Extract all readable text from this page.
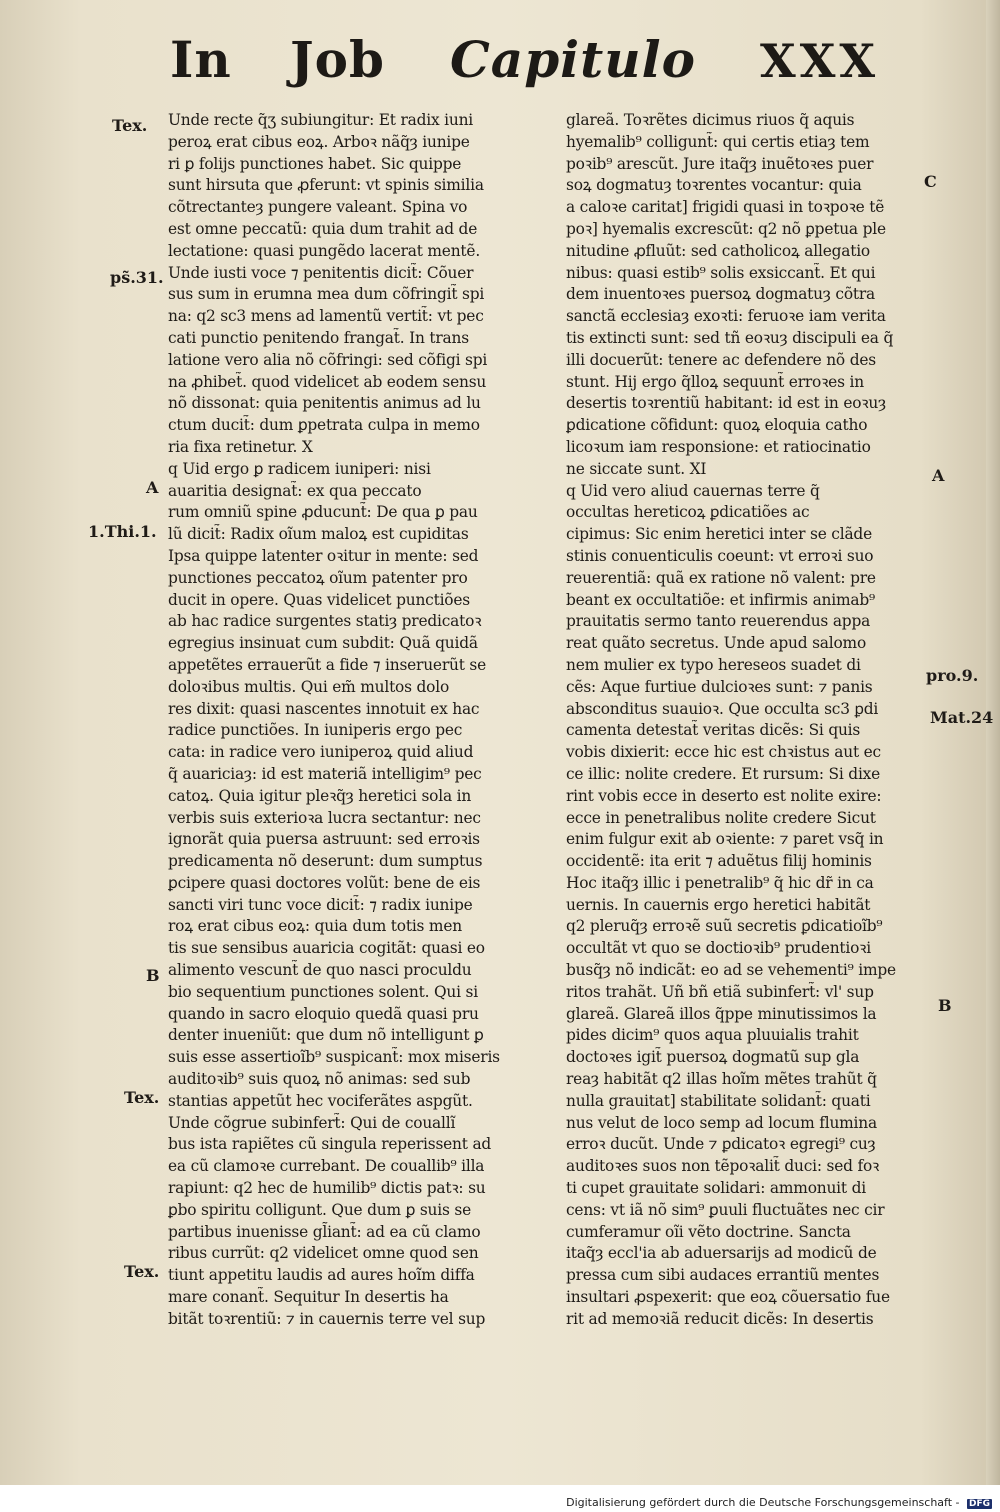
In Job Capitulo XXX
Unde recte q̃ʒ subiungitur: Et radix iuni
peroꝝ erat cibus eoꝝ. Arboꝛ nãq̃ȝ iunipe
ri ꝑ folijs punctiones habet. Sic quippe
sunt hirsuta que ꝓferunt: vt spinis similia
cõtrectanteȝ pungere valeant. Spina vo
est omne peccatũ: quia dum trahit ad de
lectatione: quasi pungẽdo lacerat mentẽ.
Unde iusti voce ⁊ penitentis dicit̃: Cõuer
sus sum in erumna mea dum cõfringit̃ spi
na: q2 sc3 mens ad lamentũ vertit̃: vt pec
cati punctio penitendo frangat̃. In trans
latione vero alia nõ cõfringi: sed cõfigi spi
na ꝓhibet̃. quod videlicet ab eodem sensu
nõ dissonat: quia penitentis animus ad lu
ctum ducit̃: dum ꝑpetrata culpa in memo
ria fixa retinetur. X
q Uid ergo ꝑ radicem iuniperi: nisi
auaritia designat̃: ex qua peccato
rum omniũ spine ꝓducunt̃: De qua ꝑ pau
lũ dicit̃: Radix oĩum maloꝝ est cupiditas
Ipsa quippe latenter oꝛitur in mente: sed
punctiones peccatoꝝ oĩum patenter pro
ducit in opere. Quas videlicet punctiões
ab hac radice surgentes statiȝ predicatoꝛ
egregius insinuat cum subdit: Quã quidã
appetẽtes errauerũt a fide ⁊ inseruerũt se
doloꝛibus multis. Qui em̃ multos dolo
res dixit: quasi nascentes innotuit ex hac
radice punctiões. In iuniperis ergo pec
cata: in radice vero iuniperoꝝ quid aliud
q̃ auariciaȝ: id est materiã intelligim⁹ pec
catoꝝ. Quia igitur pleꝛq̃ȝ heretici sola in
verbis suis exterioꝛa lucra sectantur: nec
ignorãt quia puersa astruunt: sed erroꝛis
predicamenta nõ deserunt: dum sumptus
ꝑcipere quasi doctores volũt: bene de eis
sancti viri tunc voce dicit̃: ⁊ radix iunipe
roꝝ erat cibus eoꝝ: quia dum totis men
tis sue sensibus auaricia cogitãt: quasi eo
alimento vescunt̃ de quo nasci proculdu
bio sequentium punctiones solent. Qui si
quando in sacro eloquio quedã quasi pru
denter inueniũt: que dum nõ intelligunt ꝑ
suis esse assertioĩb⁹ suspicant̃: mox miseris
auditoꝛib⁹ suis quoꝝ nõ animas: sed sub
stantias appetũt hec vociferãtes aspgũt.
Unde cõgrue subinfert̃: Qui de couallĩ
bus ista rapiẽtes cũ singula reperissent ad
ea cũ clamoꝛe currebant. De couallib⁹ illa
rapiunt: q2 hec de humilib⁹ dictis patꝛ: su
ꝑbo spiritu colligunt. Que dum ꝑ suis se
partibus inuenisse gl̃iant̃: ad ea cũ clamo
ribus currũt: q2 videlicet omne quod sen
tiunt appetitu laudis ad aures hoĩm diffa
mare conant̃. Sequitur In desertis ha
bitãt toꝛrentiũ: ⁊ in cauernis terre vel sup
glareã. Toꝛrẽtes dicimus riuos q̃ aquis
hyemalib⁹ colligunt̃: qui certis etiaȝ tem
poꝛib⁹ arescũt. Jure itaq̃ȝ inuẽtoꝛes puer
soꝝ dogmatuȝ toꝛrentes vocantur: quia
a caloꝛe caritat] frigidi quasi in toꝛpoꝛe tẽ
poꝛ] hyemalis excrescũt: q2 nõ ꝑpetua ple
nitudine ꝓfluũt: sed catholicoꝝ allegatio
nibus: quasi estib⁹ solis exsiccant̃. Et qui
dem inuentoꝛes puersoꝝ dogmatuȝ cõtra
sanctã ecclesiaȝ exoꝛti: feruoꝛe iam verita
tis extincti sunt: sed tñ eoꝛuȝ discipuli ea q̃
illi docuerũt: tenere ac defendere nõ des
stunt. Hij ergo q̃lloꝝ sequunt̃ erroꝛes in
desertis toꝛrentiũ habitant: id est in eoꝛuȝ
ꝑdicatione cõfidunt: quoꝝ eloquia catho
licoꝛum iam responsione: et ratiocinatio
ne siccate sunt. XI
q Uid vero aliud cauernas terre q̃
occultas hereticoꝝ ꝑdicatiões ac
cipimus: Sic enim heretici inter se clãde
stinis conuenticulis coeunt: vt erroꝛi suo
reuerentiã: quã ex ratione nõ valent: pre
beant ex occultatiõe: et infirmis animab⁹
prauitatis sermo tanto reuerendus appa
reat quãto secretus. Unde apud salomo
nem mulier ex typo hereseos suadet di
cẽs: Aque furtiue dulcioꝛes sunt: ⁊ panis
absconditus suauioꝛ. Que occulta sc3 ꝑdi
camenta detestat̃ veritas dicẽs: Si quis
vobis dixierit: ecce hic est chꝛistus aut ec
ce illic: nolite credere. Et rursum: Si dixe
rint vobis ecce in deserto est nolite exire:
ecce in penetralibus nolite credere Sicut
enim fulgur exit ab oꝛiente: ⁊ paret vsq̃ in
occidentẽ: ita erit ⁊ aduẽtus filij hominis
Hoc itaq̃ȝ illic i penetralib⁹ q̃ hic dr̃ in ca
uernis. In cauernis ergo heretici habitãt
q2 pleruq̃ȝ erroꝛẽ suũ secretis ꝑdicatioĩb⁹
occultãt vt quo se doctioꝛib⁹ prudentioꝛi
busq̃ȝ nõ indicãt: eo ad se vehementi⁹ impe
ritos trahãt. Uñ bñ etiã subinfert̃: vl' sup
glareã. Glareã illos q̃ppe minutissimos la
pides dicim⁹ quos aqua pluuialis trahit
doctoꝛes igit̃ puersoꝝ dogmatũ sup gla
reaȝ habitãt q2 illas hoĩm mẽtes trahũt q̃
nulla grauitat] stabilitate solidant̃: quati
nus velut de loco semp ad locum flumina
erroꝛ ducũt. Unde ⁊ ꝑdicatoꝛ egregi⁹ cuȝ
auditoꝛes suos non tẽpoꝛalit̃ duci: sed foꝛ
ti cupet grauitate solidari: ammonuit di
cens: vt iã nõ sim⁹ ꝑuuli fluctuãtes nec cir
cumferamur oĩi vẽto doctrine. Sancta
itaq̃ȝ eccl'ia ab aduersarijs ad modicũ de
pressa cum sibi audaces errantiũ mentes
insultari ꝓspexerit: que eoꝝ cõuersatio fue
rit ad memoꝛiã reducit dicẽs: In desertis
Tex.
ps̃.31.
A
1.Thi.1.
B
Tex.
Tex.
C
A
pro.9.
Mat.24
B
Digitalisierung gefördert durch die Deutsche Forschungsgemeinschaft - DFG
